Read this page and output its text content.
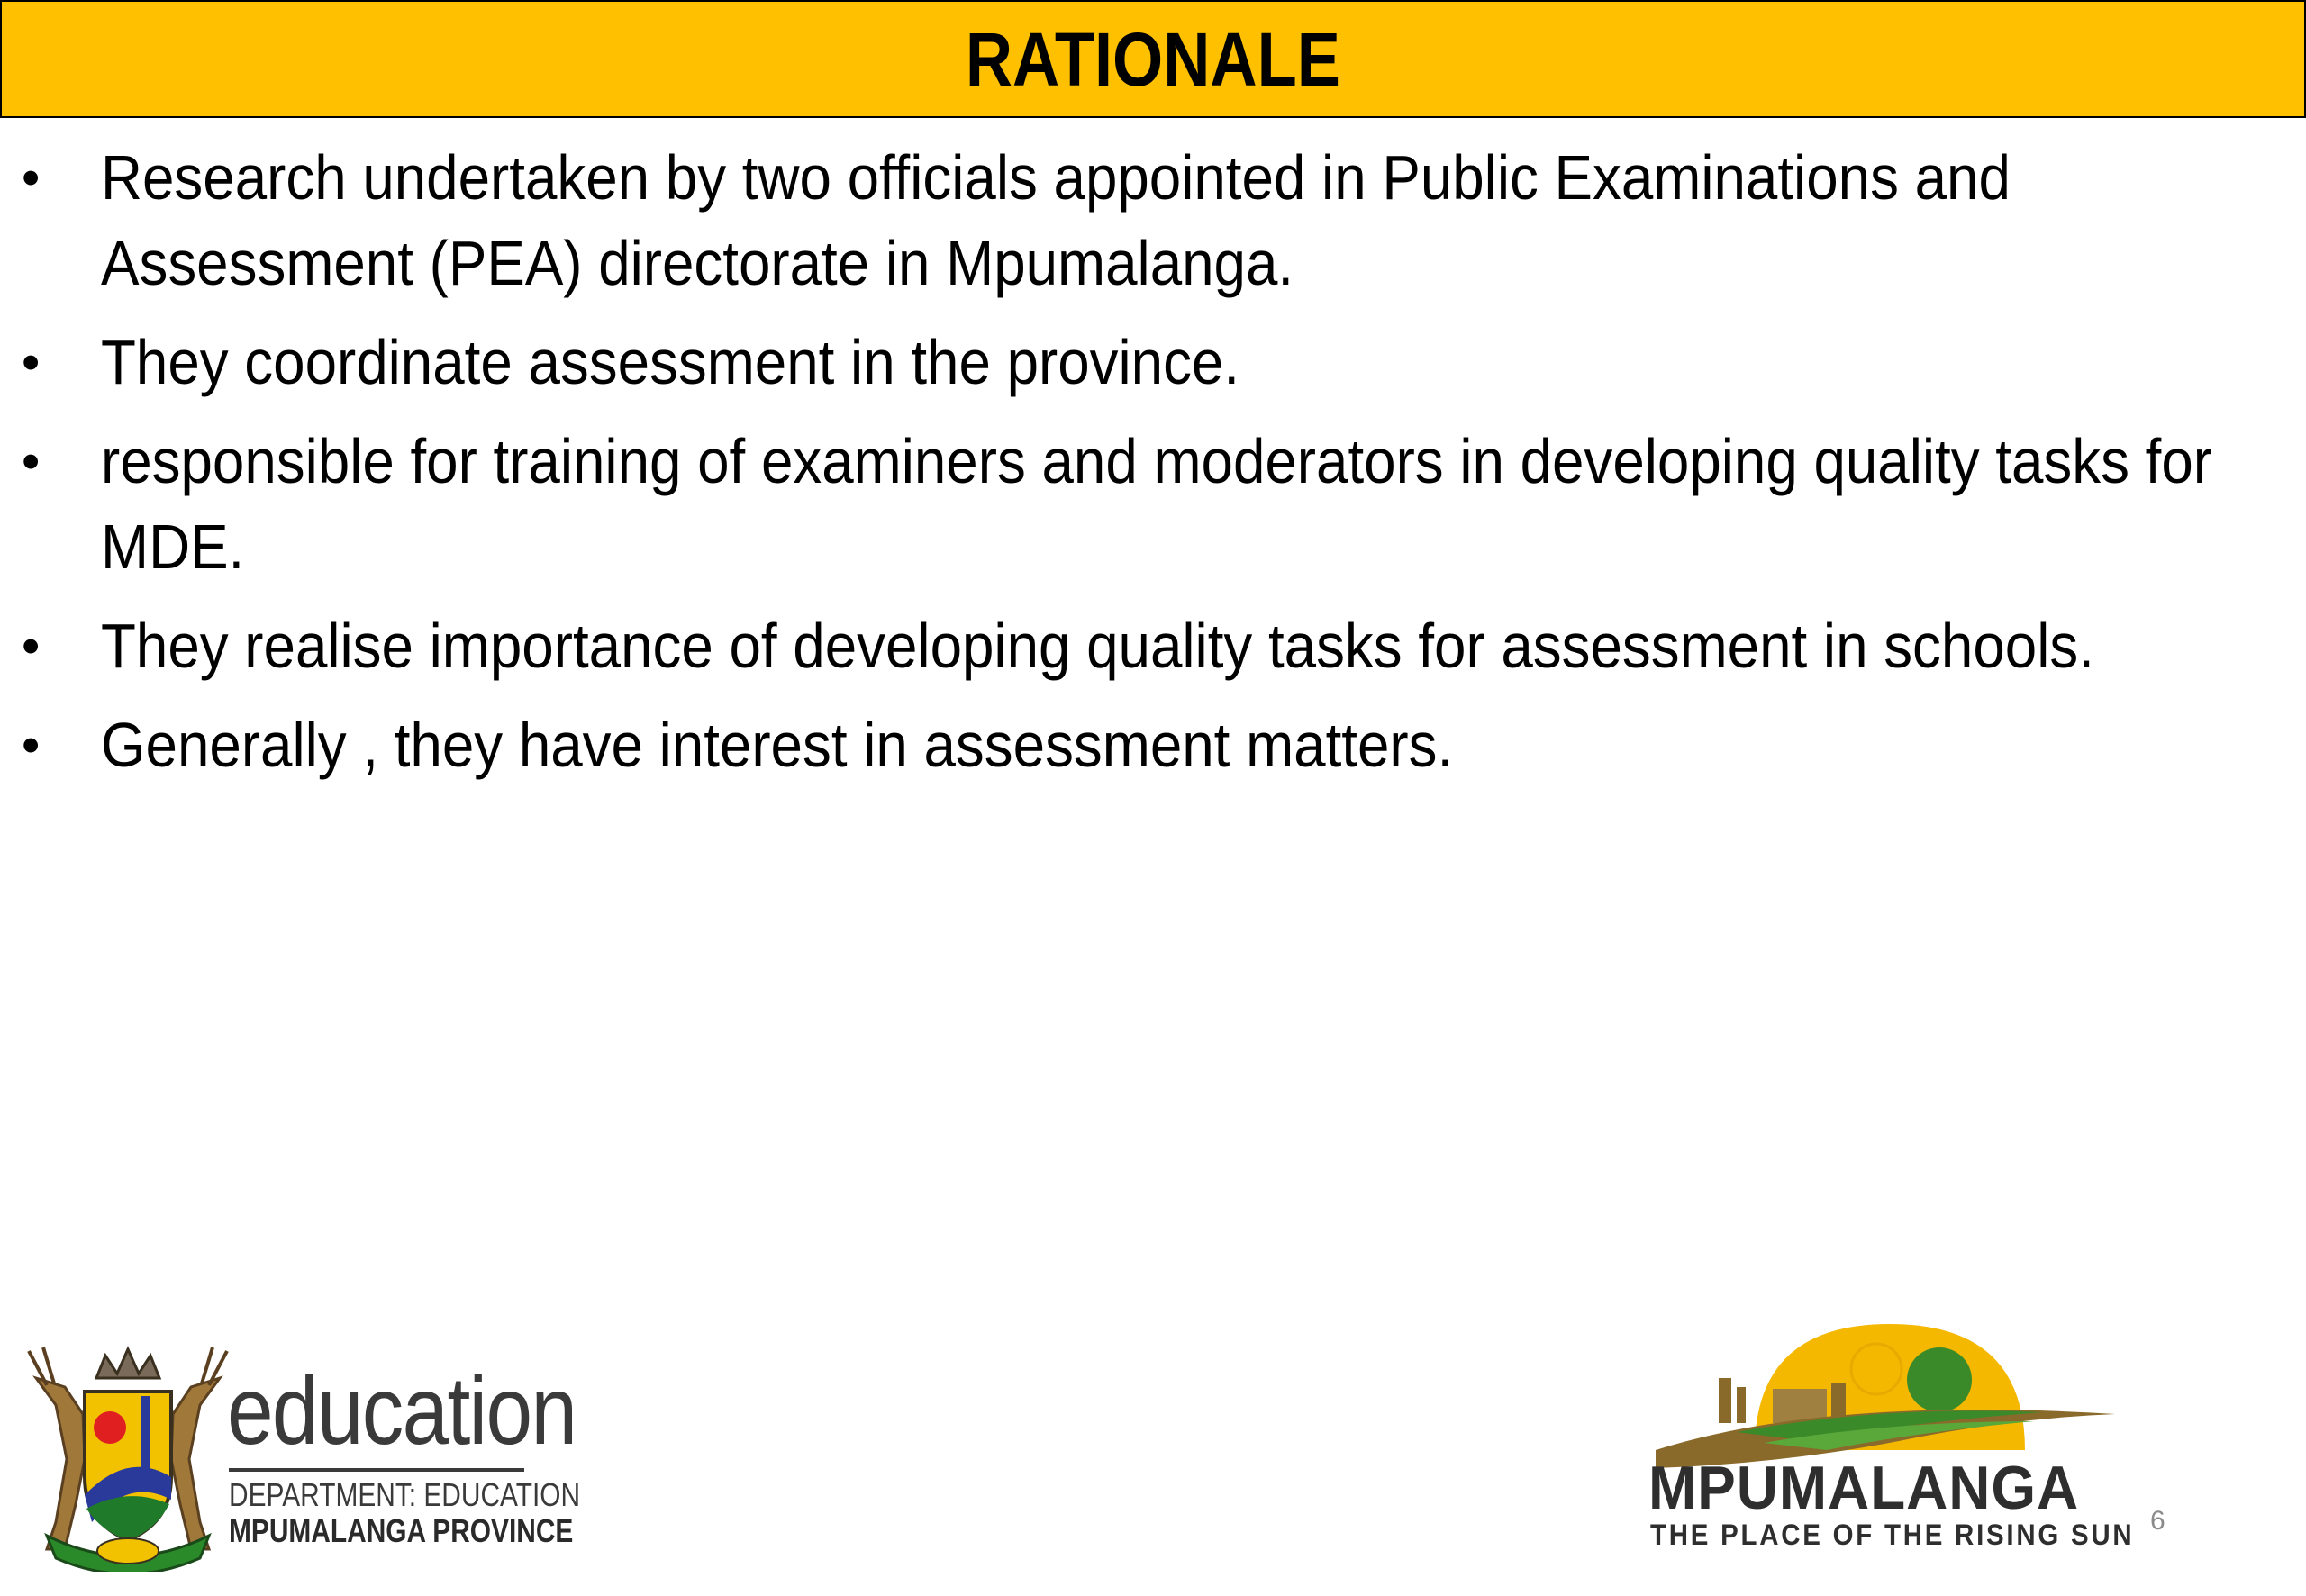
RATIONALE
• Research undertaken by two officials appointed in Public Examinations and Assessment (PEA) directorate in Mpumalanga.
• They coordinate assessment in the province.
• responsible for training of examiners and moderators in developing quality tasks for MDE.
• They realise importance of developing quality tasks for assessment in schools.
• Generally , they have interest in assessment matters.
education
DEPARTMENT: EDUCATION
MPUMALANGA PROVINCE
MPUMALANGA
THE PLACE OF THE RISING SUN 6
